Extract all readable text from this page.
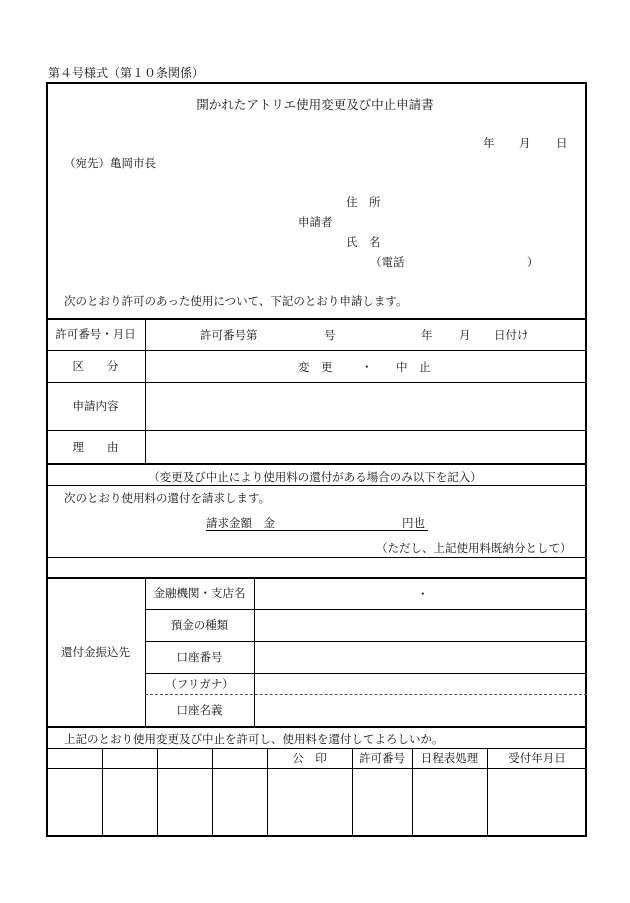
第４号様式（第１０条関係）
開かれたアトリエ使用変更及び中止申請書
年 月 日
（宛先）亀岡市長
住　所
申請者
氏　名
（電話	）
次のとおり許可のあった使用について、下記のとおり申請します。
許可番号・月日	許可番号第	号	年 月 日付け
区　　分	変　更 ・ 中　止
申請内容
理　　由
（変更及び中止により使用料の還付がある場合のみ以下を記入）
次のとおり使用料の還付を請求します。
請求金額　金	円也
（ただし、上記使用料既納分として）
還付金振込先
金融機関・支店名	・
預金の種類
口座番号
（フリガナ）
口座名義
上記のとおり使用変更及び中止を許可し、使用料を還付してよろしいか。
公　印	許可番号	日程表処理	受付年月日
